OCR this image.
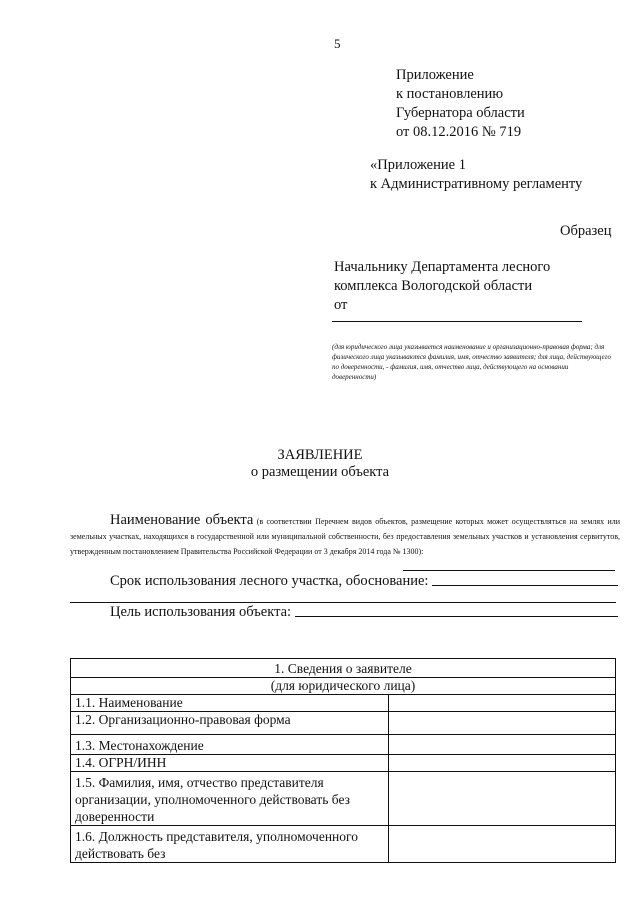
5
Приложение
к постановлению
Губернатора области
от 08.12.2016 № 719
«Приложение 1
к Административному регламенту
Образец
Начальнику Департамента лесного
комплекса Вологодской области
от
(для юридического лица указывается наименование и организационно-правовая форма; для физического лица указываются фамилия, имя, отчество заявителя; для лица, действующего по доверенности, - фамилия, имя, отчество лица, действующего на основании доверенности)
ЗАЯВЛЕНИЕ
о размещении объекта
Наименование объекта (в соответствии Перечнем видов объектов, размещение которых может осуществляться на землях или земельных участках, находящихся в государственной или муниципальной собственности, без предоставления земельных участков и установления сервитутов, утвержденным постановлением Правительства Российской Федерации от 3 декабря 2014 года № 1300):
Срок использования лесного участка, обоснование:
Цель использования объекта:
1. Сведения о заявителе	
(для юридического лица)	
1.1. Наименование	
1.2. Организационно-правовая форма	
1.3. Местонахождение	
1.4. ОГРН/ИНН	
1.5. Фамилия, имя, отчество представителя организации, уполномоченного действовать без доверенности	
1.6. Должность представителя, уполномоченного действовать без	
